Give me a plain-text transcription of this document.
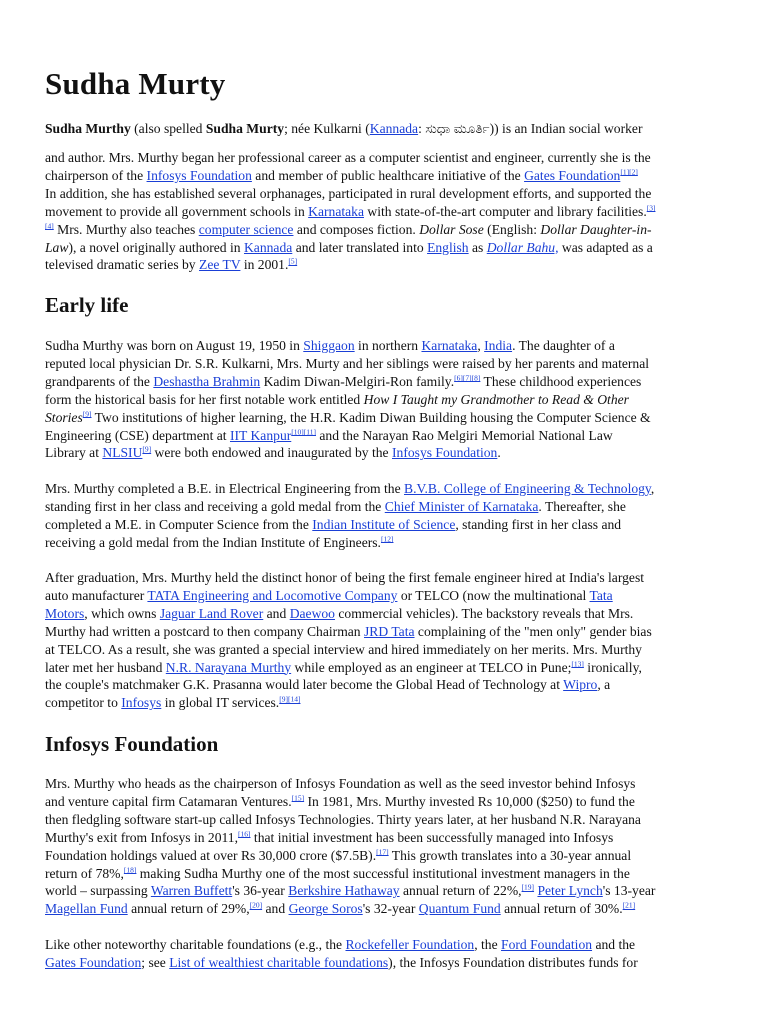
Sudha Murty
Sudha Murthy (also spelled Sudha Murty; née Kulkarni (Kannada: ಸುಧಾ ಮೂರ್ತಿ)) is an Indian social worker
and author. Mrs. Murthy began her professional career as a computer scientist and engineer, currently she is the
chairperson of the Infosys Foundation and member of public healthcare initiative of the Gates Foundation[1][2]
In addition, she has established several orphanages, participated in rural development efforts, and supported the
movement to provide all government schools in Karnataka with state-of-the-art computer and library facilities.[3]
[4] Mrs. Murthy also teaches computer science and composes fiction. Dollar Sose (English: Dollar Daughter-in-
Law), a novel originally authored in Kannada and later translated into English as Dollar Bahu, was adapted as a
televised dramatic series by Zee TV in 2001.[5]
Early life
Sudha Murthy was born on August 19, 1950 in Shiggaon in northern Karnataka, India. The daughter of a
reputed local physician Dr. S.R. Kulkarni, Mrs. Murty and her siblings were raised by her parents and maternal
grandparents of the Deshastha Brahmin Kadim Diwan-Melgiri-Ron family.[6][7][8] These childhood experiences
form the historical basis for her first notable work entitled How I Taught my Grandmother to Read & Other
Stories[9] Two institutions of higher learning, the H.R. Kadim Diwan Building housing the Computer Science &
Engineering (CSE) department at IIT Kanpur[10][11] and the Narayan Rao Melgiri Memorial National Law
Library at NLSIU[9] were both endowed and inaugurated by the Infosys Foundation.
Mrs. Murthy completed a B.E. in Electrical Engineering from the B.V.B. College of Engineering & Technology,
standing first in her class and receiving a gold medal from the Chief Minister of Karnataka. Thereafter, she
completed a M.E. in Computer Science from the Indian Institute of Science, standing first in her class and
receiving a gold medal from the Indian Institute of Engineers.[12]
After graduation, Mrs. Murthy held the distinct honor of being the first female engineer hired at India's largest
auto manufacturer TATA Engineering and Locomotive Company or TELCO (now the multinational Tata
Motors, which owns Jaguar Land Rover and Daewoo commercial vehicles). The backstory reveals that Mrs.
Murthy had written a postcard to then company Chairman JRD Tata complaining of the "men only" gender bias
at TELCO. As a result, she was granted a special interview and hired immediately on her merits. Mrs. Murthy
later met her husband N.R. Narayana Murthy while employed as an engineer at TELCO in Pune;[13] ironically,
the couple's matchmaker G.K. Prasanna would later become the Global Head of Technology at Wipro, a
competitor to Infosys in global IT services.[9][14]
Infosys Foundation
Mrs. Murthy who heads as the chairperson of Infosys Foundation as well as the seed investor behind Infosys
and venture capital firm Catamaran Ventures.[15] In 1981, Mrs. Murthy invested Rs 10,000 ($250) to fund the
then fledgling software start-up called Infosys Technologies. Thirty years later, at her husband N.R. Narayana
Murthy's exit from Infosys in 2011,[16] that initial investment has been successfully managed into Infosys
Foundation holdings valued at over Rs 30,000 crore ($7.5B).[17] This growth translates into a 30-year annual
return of 78%,[18] making Sudha Murthy one of the most successful institutional investment managers in the
world – surpassing Warren Buffett's 36-year Berkshire Hathaway annual return of 22%,[19] Peter Lynch's 13-year
Magellan Fund annual return of 29%,[20] and George Soros's 32-year Quantum Fund annual return of 30%.[21]
Like other noteworthy charitable foundations (e.g., the Rockefeller Foundation, the Ford Foundation and the
Gates Foundation; see List of wealthiest charitable foundations), the Infosys Foundation distributes funds for
